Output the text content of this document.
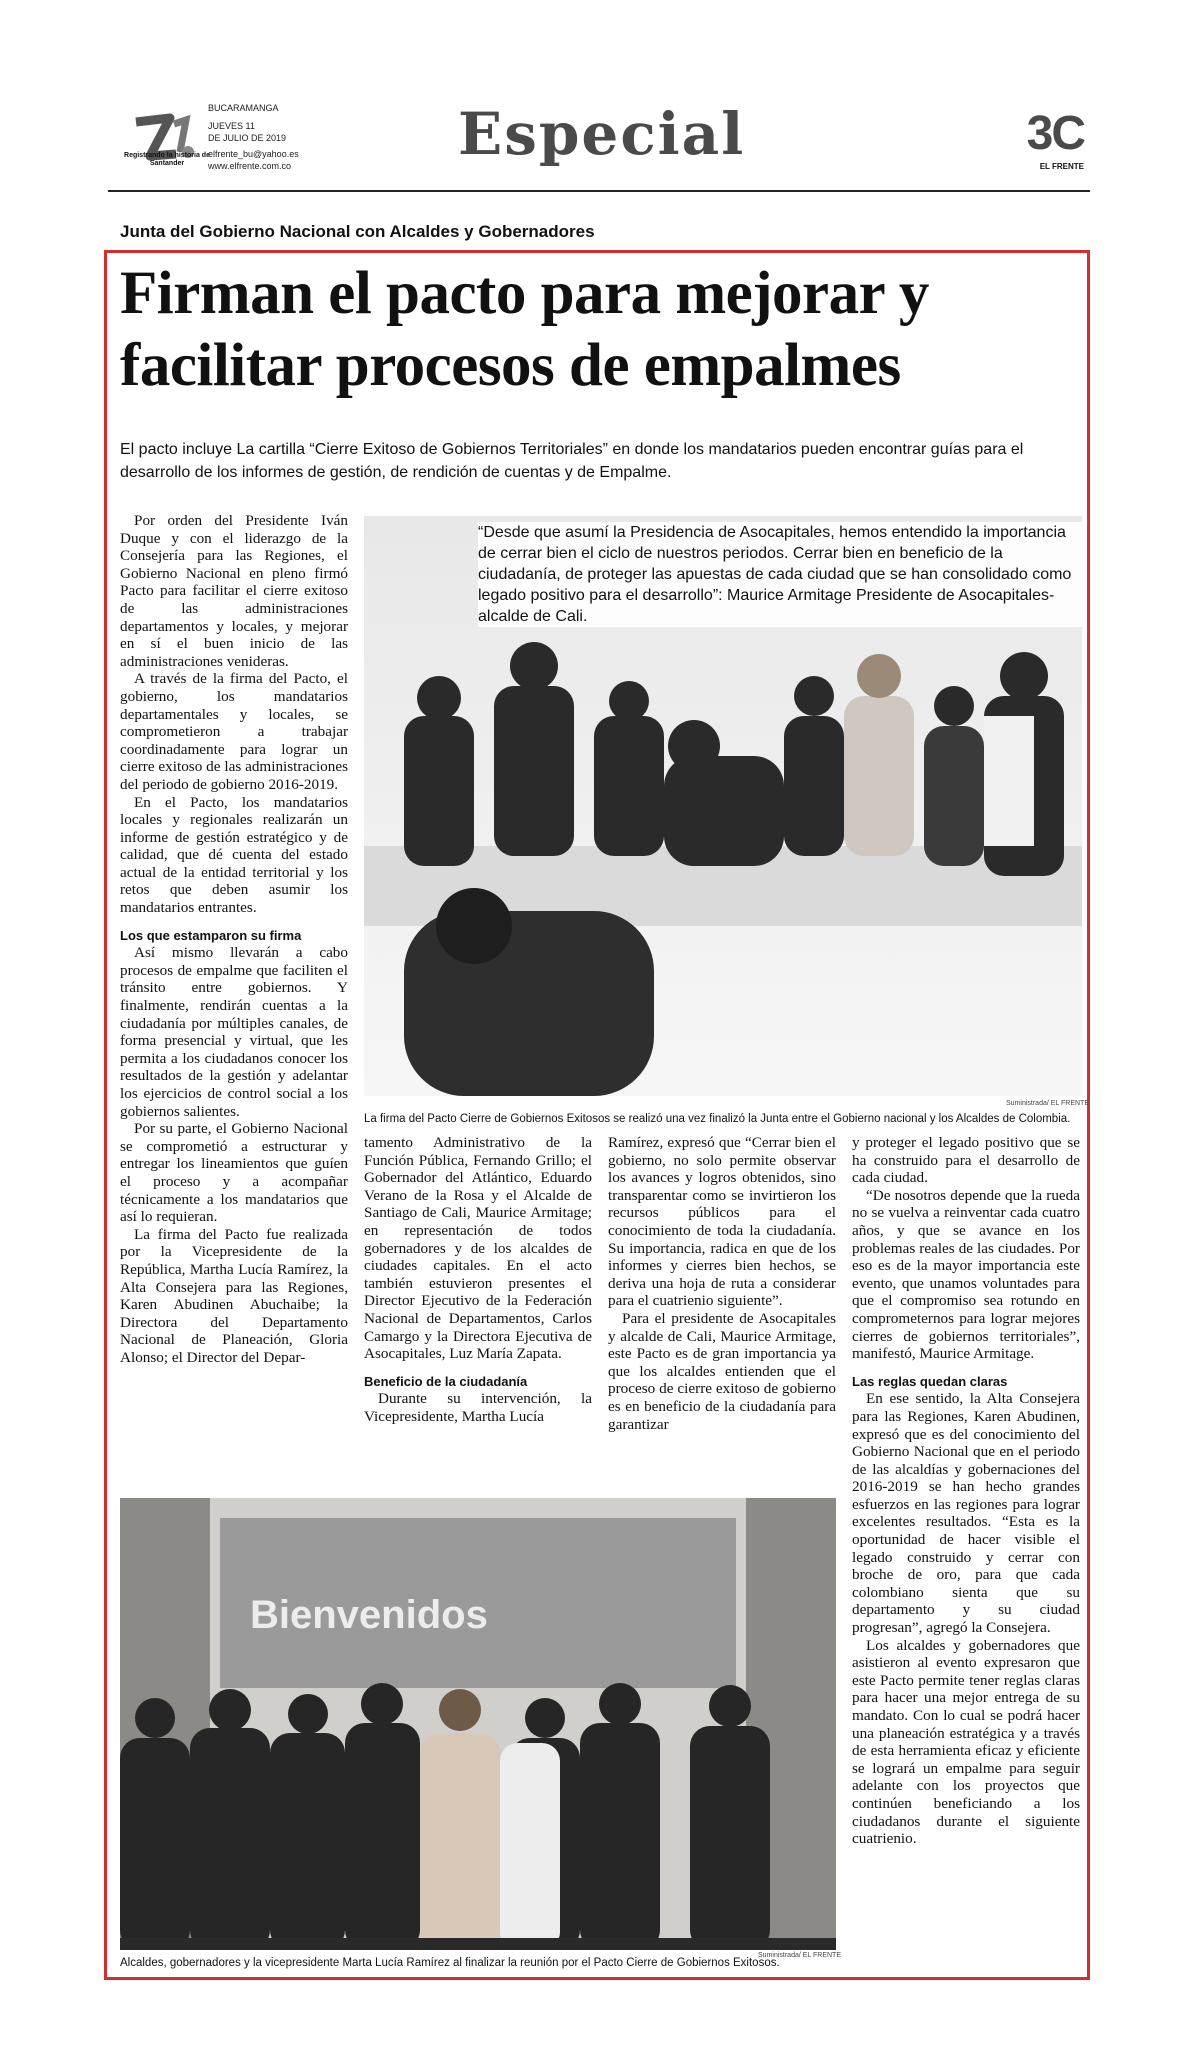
Registrando la historia de Santander
BUCARAMANGA
JUEVES 11
DE JULIO DE 2019
elfrente_bu@yahoo.es
www.elfrente.com.co	Especial	3C
EL FRENTE
Junta del Gobierno Nacional con Alcaldes y Gobernadores
Firman el pacto para mejorar y
facilitar procesos de empalmes
El pacto incluye La cartilla “Cierre Exitoso de Gobiernos Territoriales” en donde los mandatarios pueden encontrar guías para el desarrollo de los informes de gestión, de rendición de cuentas y de Empalme.

Por orden del Presidente Iván Duque y con el liderazgo de la Consejería para las Regiones, el Gobierno Nacional en pleno firmó Pacto para facilitar el cierre exitoso de las administraciones departamentos y locales, y mejorar en sí el buen inicio de las administraciones venideras.

A través de la firma del Pacto, el gobierno, los mandatarios departamentales y locales, se comprometieron a trabajar coordinadamente para lograr un cierre exitoso de las administraciones del periodo de gobierno 2016-2019.

En el Pacto, los mandatarios locales y regionales realizarán un informe de gestión estratégico y de calidad, que dé cuenta del estado actual de la entidad territorial y los retos que deben asumir los mandatarios entrantes.

Los que estamparon su firma

Así mismo llevarán a cabo procesos de empalme que faciliten el tránsito entre gobiernos. Y finalmente, rendirán cuentas a la ciudadanía por múltiples canales, de forma presencial y virtual, que les permita a los ciudadanos conocer los resultados de la gestión y adelantar los ejercicios de control social a los gobiernos salientes.

Por su parte, el Gobierno Nacional se comprometió a estructurar y entregar los lineamientos que guíen el proceso y a acompañar técnicamente a los mandatarios que así lo requieran.

La firma del Pacto fue realizada por la Vicepresidente de la República, Martha Lucía Ramírez, la Alta Consejera para las Regiones, Karen Abudinen Abuchaibe; la Directora del Departamento Nacional de Planeación, Gloria Alonso; el Director del Depar-

“Desde que asumí la Presidencia de Asocapitales, hemos entendido la importancia de cerrar bien el ciclo de nuestros periodos. Cerrar bien en beneficio de la ciudadanía, de proteger las apuestas de cada ciudad que se han consolidado como legado positivo para el desarrollo”: Maurice Armitage Presidente de Asocapitales- alcalde de Cali.
Suministrada/ EL FRENTE
La firma del Pacto Cierre de Gobiernos Exitosos se realizó una vez finalizó la Junta entre el Gobierno nacional y los Alcaldes de Colombia.

tamento Administrativo de la Función Pública, Fernando Grillo; el Gobernador del Atlántico, Eduardo Verano de la Rosa y el Alcalde de Santiago de Cali, Maurice Armitage; en representación de todos gobernadores y de los alcaldes de ciudades capitales. En el acto también estuvieron presentes el Director Ejecutivo de la Federación Nacional de Departamentos, Carlos Camargo y la Directora Ejecutiva de Asocapitales, Luz María Zapata.

Beneficio de la ciudadanía

Durante su intervención, la Vicepresidente, Martha Lucía

Ramírez, expresó que “Cerrar bien el gobierno, no solo permite observar los avances y logros obtenidos, sino transparentar como se invirtieron los recursos públicos para el conocimiento de toda la ciudadanía. Su importancia, radica en que de los informes y cierres bien hechos, se deriva una hoja de ruta a considerar para el cuatrienio siguiente”.

Para el presidente de Asocapitales y alcalde de Cali, Maurice Armitage, este Pacto es de gran importancia ya que los alcaldes entienden que el proceso de cierre exitoso de gobierno es en beneficio de la ciudadanía para garantizar

y proteger el legado positivo que se ha construido para el desarrollo de cada ciudad.

“De nosotros depende que la rueda no se vuelva a reinventar cada cuatro años, y que se avance en los problemas reales de las ciudades. Por eso es de la mayor importancia este evento, que unamos voluntades para que el compromiso sea rotundo en comprometernos para lograr mejores cierres de gobiernos territoriales”, manifestó, Maurice Armitage.

Las reglas quedan claras

En ese sentido, la Alta Consejera para las Regiones, Karen Abudinen, expresó que es del conocimiento del Gobierno Nacional que en el periodo de las alcaldías y gobernaciones del 2016-2019 se han hecho grandes esfuerzos en las regiones para lograr excelentes resultados. “Esta es la oportunidad de hacer visible el legado construido y cerrar con broche de oro, para que cada colombiano sienta que su departamento y su ciudad progresan”, agregó la Consejera.

Los alcaldes y gobernadores que asistieron al evento expresaron que este Pacto permite tener reglas claras para hacer una mejor entrega de su mandato. Con lo cual se podrá hacer una planeación estratégica y a través de esta herramienta eficaz y eficiente se logrará un empalme para seguir adelante con los proyectos que continúen beneficiando a los ciudadanos durante el siguiente cuatrienio.

Bienvenidos
Suministrada/ EL FRENTE
Alcaldes, gobernadores y la vicepresidente Marta Lucía Ramírez al finalizar la reunión por el Pacto Cierre de Gobiernos Exitosos.
